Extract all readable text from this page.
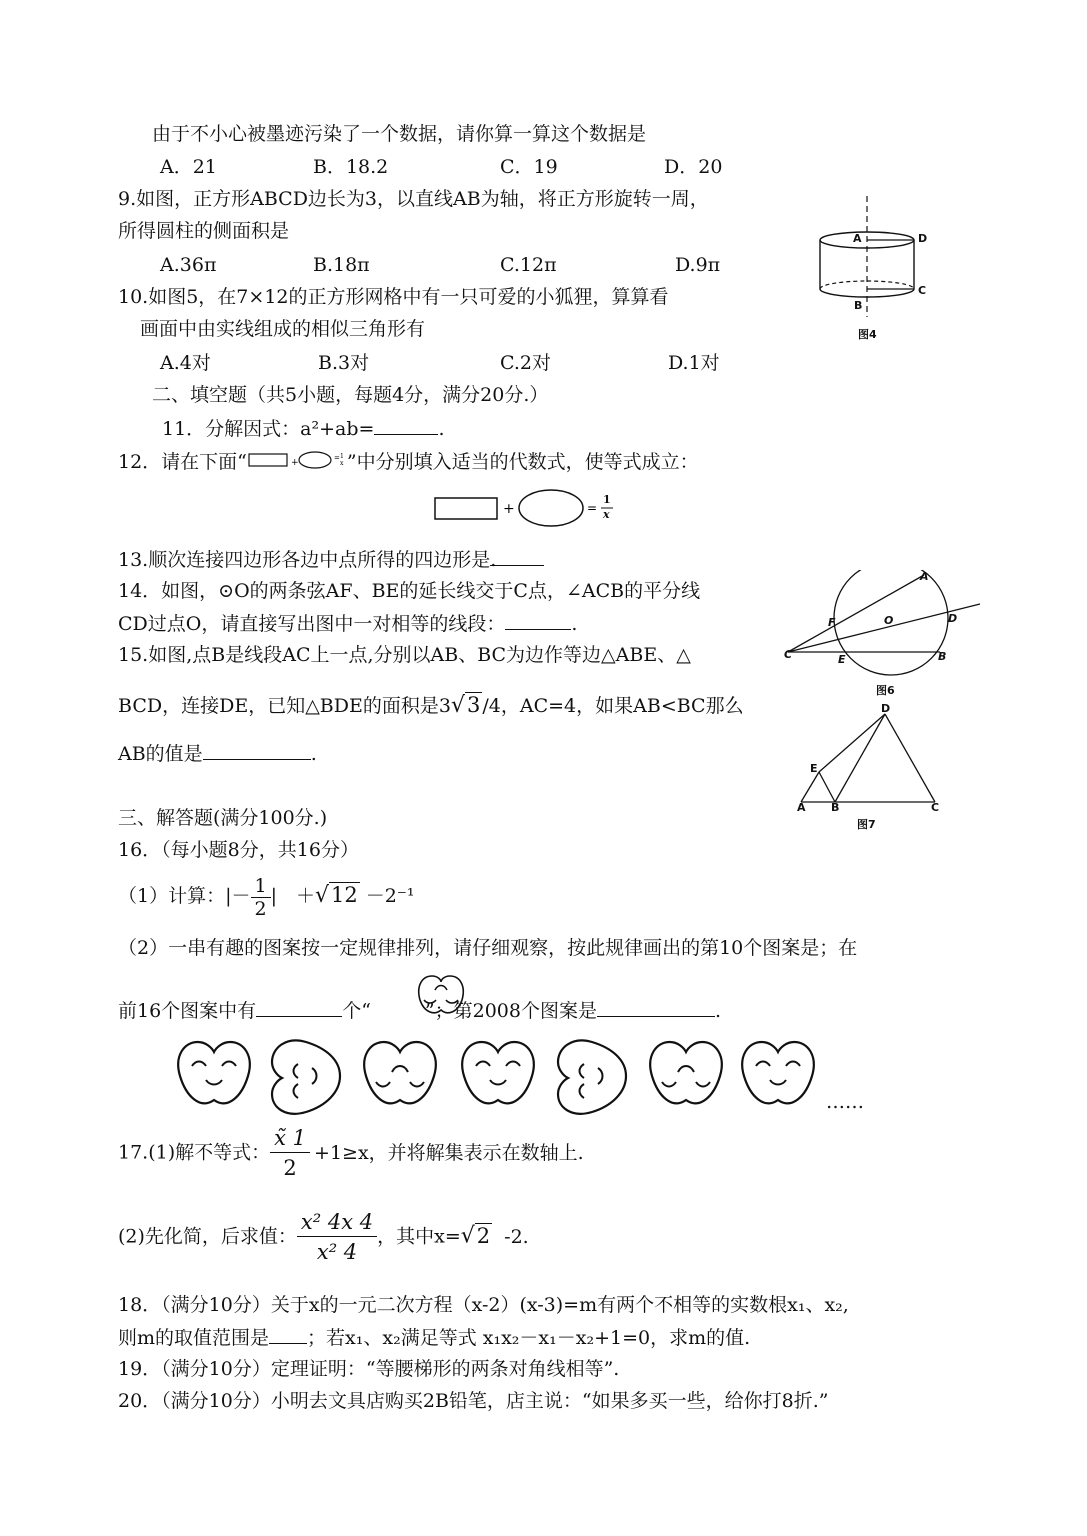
由于不小心被墨迹污染了一个数据，请你算一算这个数据是
A．21	B．18.2	C．19	D．20
9.如图，正方形ABCD边长为3，以直线AB为轴，将正方形旋转一周，
所得圆柱的侧面积是
A.36π	B.18π	C.12π	D.9π
A	D
C
B
图4
10.如图5，在7×12的正方形网格中有一只可爱的小狐狸，算算看
画面中由实线组成的相似三角形有
A.4对	B.3对	C.2对	D.1对
二、填空题（共5小题，每题4分，满分20分.）
11．分解因式：a²+ab=	.
12．请在下面“	+	= 1
x ”中分别填入适当的代数式，使等式成立：
+	=
1
x
13.顺次连接四边形各边中点所得的四边形是.
14．如图，⊙O的两条弦AF、BE的延长线交于C点，∠ACB的平分线
CD过点O，请直接写出图中一对相等的线段：	.
A
F	O	D
C	E	B
图6
15.如图,点B是线段AC上一点,分别以AB、BC为边作等边△ABE、△
BCD，连接DE，已知△BDE的面积是3√3 /4，AC=4，如果AB<BC那么
AB的值是	.
D
E
A B	C
图7
三、解答题(满分100分.)
16．（每小题8分，共16分）
（1）计算：|－ $\frac{1}{2}$ |　＋√12 －2⁻¹
（2）一串有趣的图案按一定规律排列，请仔细观察，按此规律画出的第10个图案是；在
前16个图案中有	个“	”；第2008个图案是	.
……
17.(1)解不等式： $\frac{x̃ 1}{2} +1\ge x$，并将解集表示在数轴上.
(2)先化简，后求值： $\frac{\text{x² 4x 4}}{\text{x² 4}}$ ，其中x=√2 -2.
18．（满分10分）关于x的一元二次方程（x-2）(x-3)=m有两个不相等的实数根x₁、x₂,
则m的取值范围是 ；若x₁、x₂满足等式 x₁x₂－x₁－x₂+1=0，求m的值.
19．（满分10分）定理证明：“等腰梯形的两条对角线相等”.
20．（满分10分）小明去文具店购买2B铅笔，店主说：“如果多买一些，给你打8折.”
